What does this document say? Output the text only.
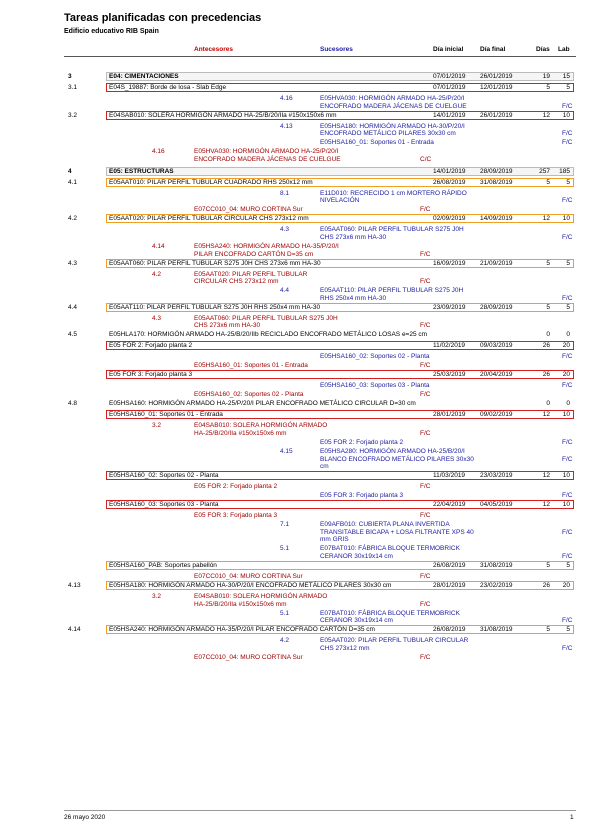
Tareas planificadas con precedencias
Edificio educativo RIB Spain
Antecesores	Sucesores	Día inicial	Día final	Días Lab
3	E04: CIMENTACIONES	07/01/2019 26/01/2019	19	15
3.1	E04S_19887: Borde de losa - Slab Edge	07/01/2019 12/01/2019	5	5
4.16	E05HVA030: HORMIGÓN ARMADO HA-25/P/20/I
ENCOFRADO MADERA JÁCENAS DE CUELGUE	F/C
3.2	E04SAB010: SOLERA HORMIGÓN ARMADO HA-25/B/20/IIa #150x150x6 mm	14/01/2019 26/01/2019	12	10
4.13	E05HSA180: HORMIGÓN ARMADO HA-30/P/20/I
ENCOFRADO METÁLICO PILARES 30x30 cm	F/C
E05HSA160_01: Soportes 01 - Entrada	F/C
4.16	E05HVA030: HORMIGÓN ARMADO HA-25/P/20/I
ENCOFRADO MADERA JÁCENAS DE CUELGUE	C/C
4	E05: ESTRUCTURAS	14/01/2019 28/09/2019	257	185
4.1	E05AAT010: PILAR PERFIL TUBULAR CUADRADO RHS 250x12 mm	26/08/2019 31/08/2019	5	5
8.1	E11D010: RECRECIDO 1 cm MORTERO RÁPIDO
NIVELACIÓN	F/C
E07CC010_04: MURO CORTINA Sur	F/C
4.2	E05AAT020: PILAR PERFIL TUBULAR CIRCULAR CHS 273x12 mm	02/09/2019 14/09/2019	12	10
4.3	E05AAT060: PILAR PERFIL TUBULAR S275 J0H
CHS 273x6 mm HA-30	F/C
4.14	E05HSA240: HORMIGÓN ARMADO HA-35/P/20/I
PILAR ENCOFRADO CARTÓN D=35 cm	F/C
4.3	E05AAT060: PILAR PERFIL TUBULAR S275 J0H CHS 273x6 mm HA-30	16/09/2019 21/09/2019	5	5
4.2	E05AAT020: PILAR PERFIL TUBULAR
CIRCULAR CHS 273x12 mm	F/C
4.4	E05AAT110: PILAR PERFIL TUBULAR S275 J0H
RHS 250x4 mm HA-30	F/C
4.4	E05AAT110: PILAR PERFIL TUBULAR S275 J0H RHS 250x4 mm HA-30	23/09/2019 28/09/2019	5	5
4.3	E05AAT060: PILAR PERFIL TUBULAR S275 J0H
CHS 273x6 mm HA-30	F/C
4.5	E05HLA170: HORMIGÓN ARMADO HA-25/B/20/IIb RECICLADO ENCOFRADO METÁLICO LOSAS e=25 cm	0	0
E05 FOR 2: Forjado planta 2	11/02/2019 09/03/2019	26	20
E05HSA160_02: Soportes 02 - Planta	F/C
E05HSA160_01: Soportes 01 - Entrada	F/C
E05 FOR 3: Forjado planta 3	25/03/2019 20/04/2019	26	20
E05HSA160_03: Soportes 03 - Planta	F/C
E05HSA160_02: Soportes 02 - Planta	F/C
4.8	E05HSA160: HORMIGÓN ARMADO HA-25/P/20/I PILAR ENCOFRADO METÁLICO CIRCULAR D=30 cm	0	0
E05HSA160_01: Soportes 01 - Entrada	28/01/2019 09/02/2019	12	10
3.2	E04SAB010: SOLERA HORMIGÓN ARMADO
HA-25/B/20/IIa #150x150x6 mm	F/C
E05 FOR 2: Forjado planta 2	F/C
4.15	E05HSA280: HORMIGÓN ARMADO HA-25/B/20/I
BLANCO ENCOFRADO METÁLICO PILARES 30x30
cm
F/C
E05HSA160_02: Soportes 02 - Planta	11/03/2019 23/03/2019	12	10
E05 FOR 2: Forjado planta 2	F/C
E05 FOR 3: Forjado planta 3	F/C
E05HSA160_03: Soportes 03 - Planta	22/04/2019 04/05/2019	12	10
E05 FOR 3: Forjado planta 3	F/C
7.1	E09AFB010: CUBIERTA PLANA INVERTIDA
TRANSITABLE BICAPA + LOSA FILTRANTE XPS 40
mm GRIS
F/C
5.1	E07BAT010: FÁBRICA BLOQUE TERMOBRICK
CERANOR 30x19x14 cm	F/C
E05HSA160_PAB: Soportes pabellón	26/08/2019 31/08/2019	5	5
E07CC010_04: MURO CORTINA Sur	F/C
4.13	E05HSA180: HORMIGÓN ARMADO HA-30/P/20/I ENCOFRADO METÁLICO PILARES 30x30 cm	28/01/2019 23/02/2019	26	20
3.2	E04SAB010: SOLERA HORMIGÓN ARMADO
HA-25/B/20/IIa #150x150x6 mm	F/C
5.1	E07BAT010: FÁBRICA BLOQUE TERMOBRICK
CERANOR 30x19x14 cm	F/C
4.14	E05HSA240: HORMIGÓN ARMADO HA-35/P/20/I PILAR ENCOFRADO CARTÓN D=35 cm	26/08/2019 31/08/2019	5	5
4.2	E05AAT020: PILAR PERFIL TUBULAR CIRCULAR
CHS 273x12 mm	F/C
E07CC010_04: MURO CORTINA Sur	F/C
26 mayo 2020	1
